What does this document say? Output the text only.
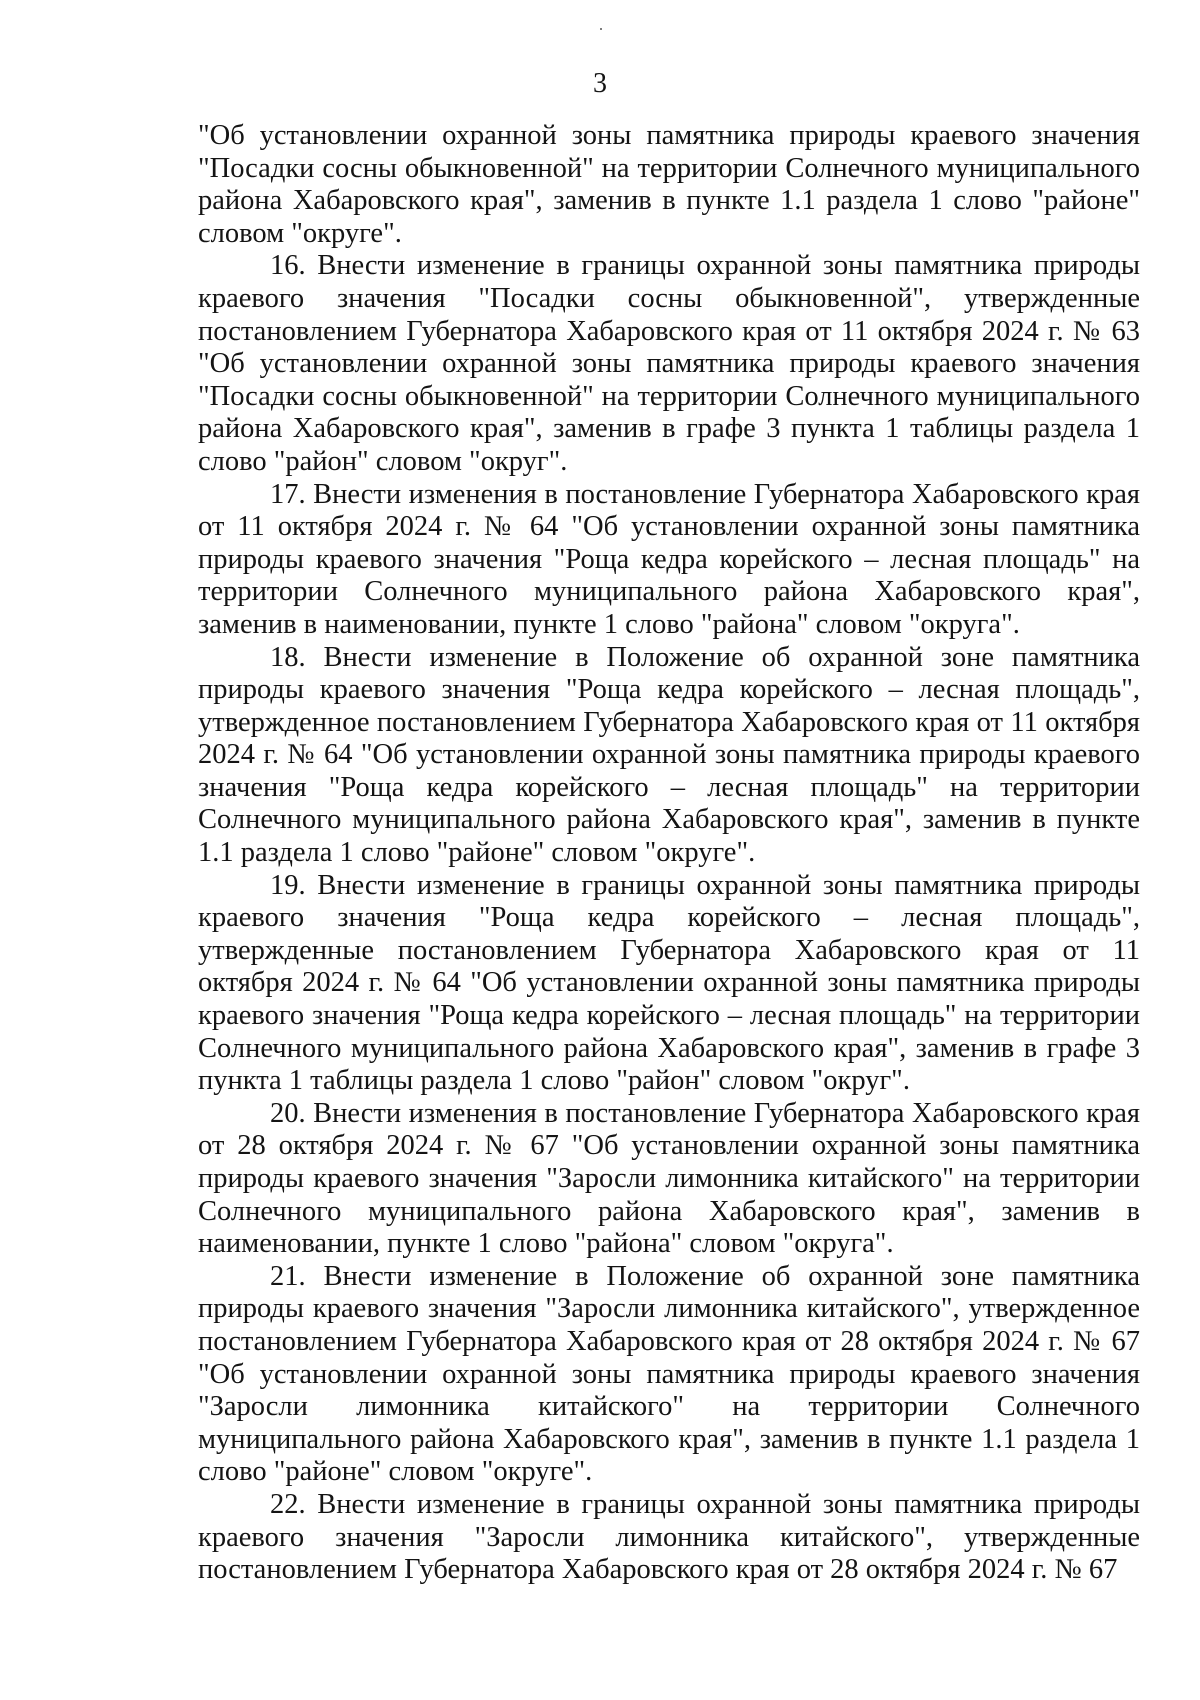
3

"Об установлении охранной зоны памятника природы краевого значения "Посадки сосны обыкновенной" на территории Солнечного муниципального района Хабаровского края", заменив в пункте 1.1 раздела 1 слово "районе" словом "округе".

16. Внести изменение в границы охранной зоны памятника природы краевого значения "Посадки сосны обыкновенной", утвержденные постановлением Губернатора Хабаровского края от 11 октября 2024 г. № 63 "Об установлении охранной зоны памятника природы краевого значения "Посадки сосны обыкновенной" на территории Солнечного муниципального района Хабаровского края", заменив в графе 3 пункта 1 таблицы раздела 1 слово "район" словом "округ".

17. Внести изменения в постановление Губернатора Хабаровского края от 11 октября 2024 г. № 64 "Об установлении охранной зоны памятника природы краевого значения "Роща кедра корейского – лесная площадь" на территории Солнечного муниципального района Хабаровского края", заменив в наименовании, пункте 1 слово "района" словом "округа".

18. Внести изменение в Положение об охранной зоне памятника природы краевого значения "Роща кедра корейского – лесная площадь", утвержденное постановлением Губернатора Хабаровского края от 11 октября 2024 г. № 64 "Об установлении охранной зоны памятника природы краевого значения "Роща кедра корейского – лесная площадь" на территории Солнечного муниципального района Хабаровского края", заменив в пункте 1.1 раздела 1 слово "районе" словом "округе".

19. Внести изменение в границы охранной зоны памятника природы краевого значения "Роща кедра корейского – лесная площадь", утвержденные постановлением Губернатора Хабаровского края от 11 октября 2024 г. № 64 "Об установлении охранной зоны памятника природы краевого значения "Роща кедра корейского – лесная площадь" на территории Солнечного муниципального района Хабаровского края", заменив в графе 3 пункта 1 таблицы раздела 1 слово "район" словом "округ".

20. Внести изменения в постановление Губернатора Хабаровского края от 28 октября 2024 г. № 67 "Об установлении охранной зоны памятника природы краевого значения "Заросли лимонника китайского" на территории Солнечного муниципального района Хабаровского края", заменив в наименовании, пункте 1 слово "района" словом "округа".

21. Внести изменение в Положение об охранной зоне памятника природы краевого значения "Заросли лимонника китайского", утвержденное постановлением Губернатора Хабаровского края от 28 октября 2024 г. № 67 "Об установлении охранной зоны памятника природы краевого значения "Заросли лимонника китайского" на территории Солнечного муниципального района Хабаровского края", заменив в пункте 1.1 раздела 1 слово "районе" словом "округе".

22. Внести изменение в границы охранной зоны памятника природы краевого значения "Заросли лимонника китайского", утвержденные постановлением Губернатора Хабаровского края от 28 октября 2024 г. № 67
